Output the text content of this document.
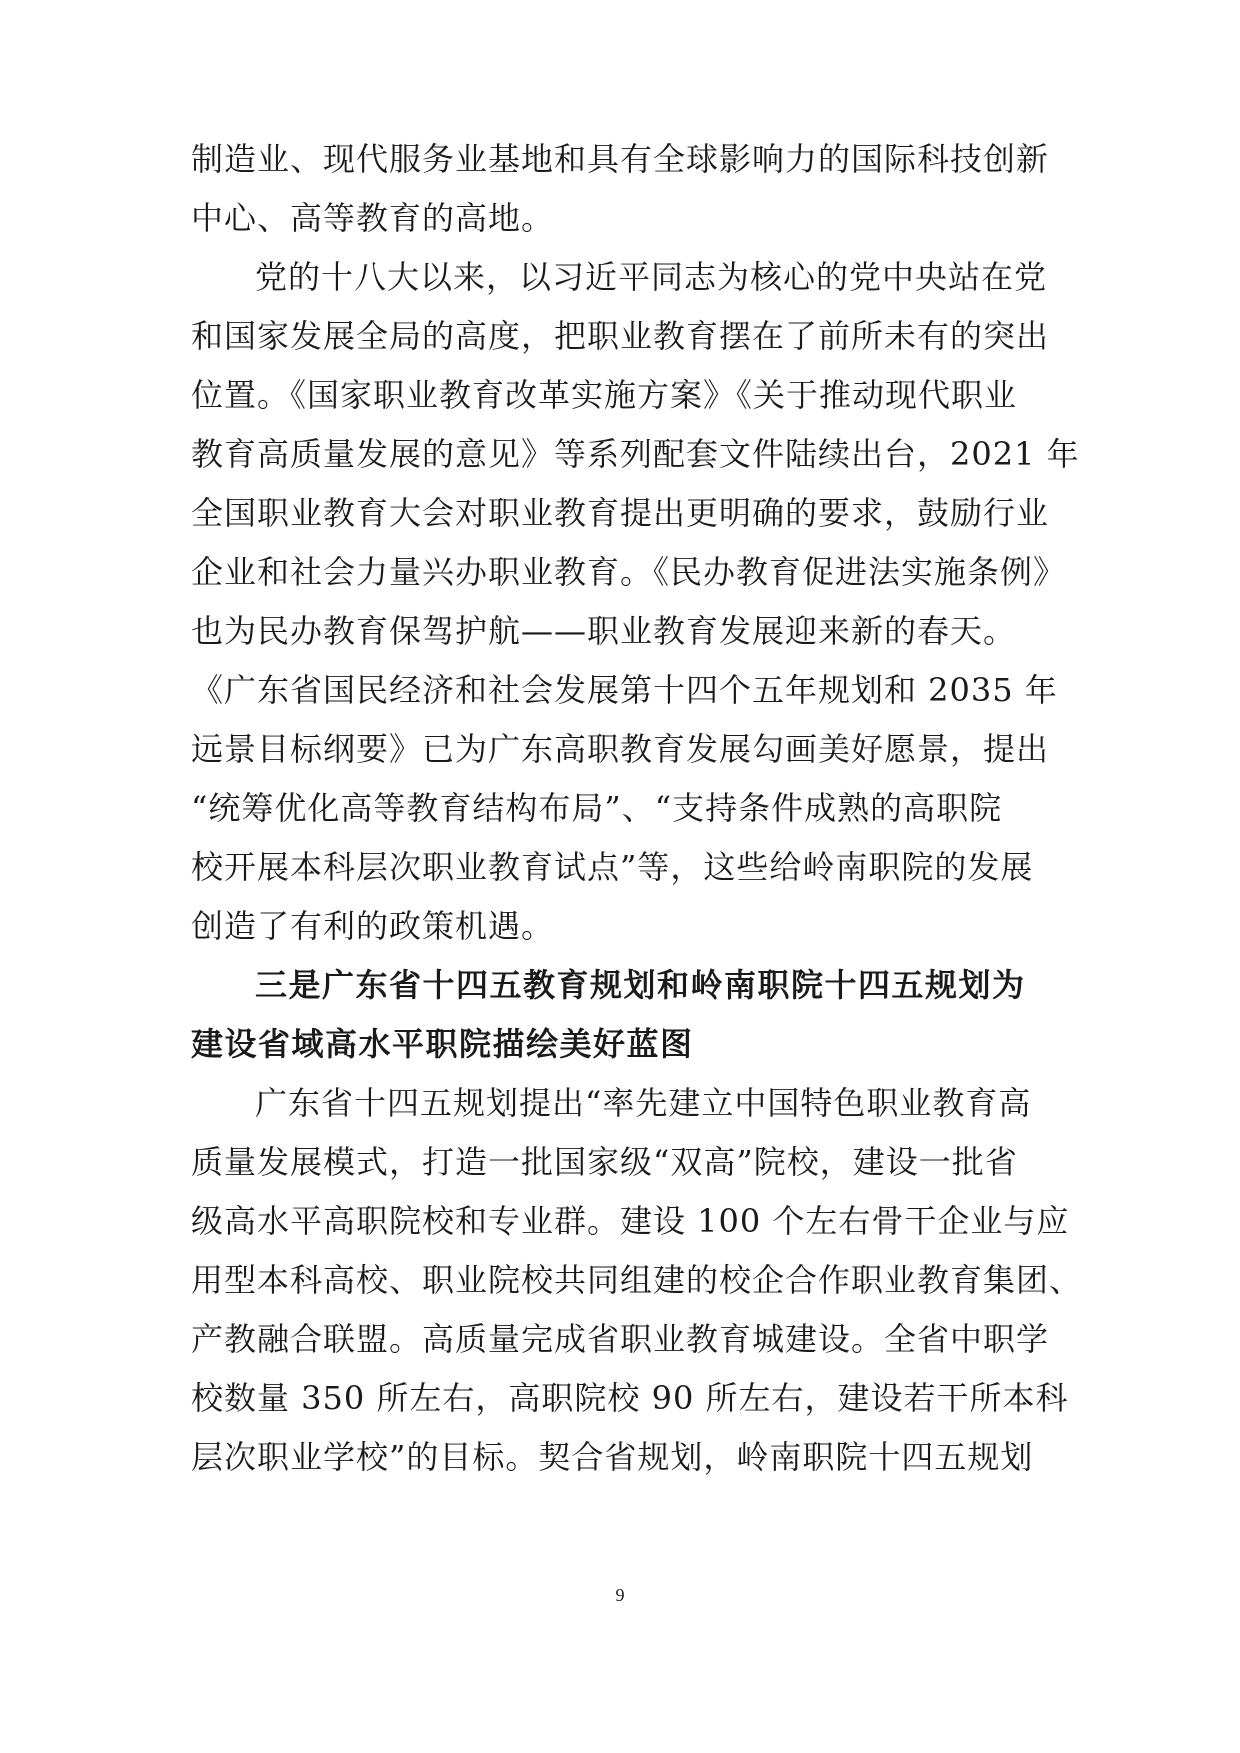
制造业、现代服务业基地和具有全球影响力的国际科技创新
中心、高等教育的高地。
党的十八大以来，以习近平同志为核心的党中央站在党
和国家发展全局的高度，把职业教育摆在了前所未有的突出
位置。《国家职业教育改革实施方案》《关于推动现代职业
教育高质量发展的意见》等系列配套文件陆续出台，2021 年
全国职业教育大会对职业教育提出更明确的要求，鼓励行业
企业和社会力量兴办职业教育。《民办教育促进法实施条例》
也为民办教育保驾护航——职业教育发展迎来新的春天。
《广东省国民经济和社会发展第十四个五年规划和 2035 年
远景目标纲要》已为广东高职教育发展勾画美好愿景，提出
“统筹优化高等教育结构布局”、“支持条件成熟的高职院
校开展本科层次职业教育试点”等，这些给岭南职院的发展
创造了有利的政策机遇。
三是广东省十四五教育规划和岭南职院十四五规划为
建设省域高水平职院描绘美好蓝图
广东省十四五规划提出“率先建立中国特色职业教育高
质量发展模式，打造一批国家级“双高”院校，建设一批省
级高水平高职院校和专业群。建设 100 个左右骨干企业与应
用型本科高校、职业院校共同组建的校企合作职业教育集团、
产教融合联盟。高质量完成省职业教育城建设。全省中职学
校数量 350 所左右，高职院校 90 所左右，建设若干所本科
层次职业学校”的目标。契合省规划，岭南职院十四五规划
9
